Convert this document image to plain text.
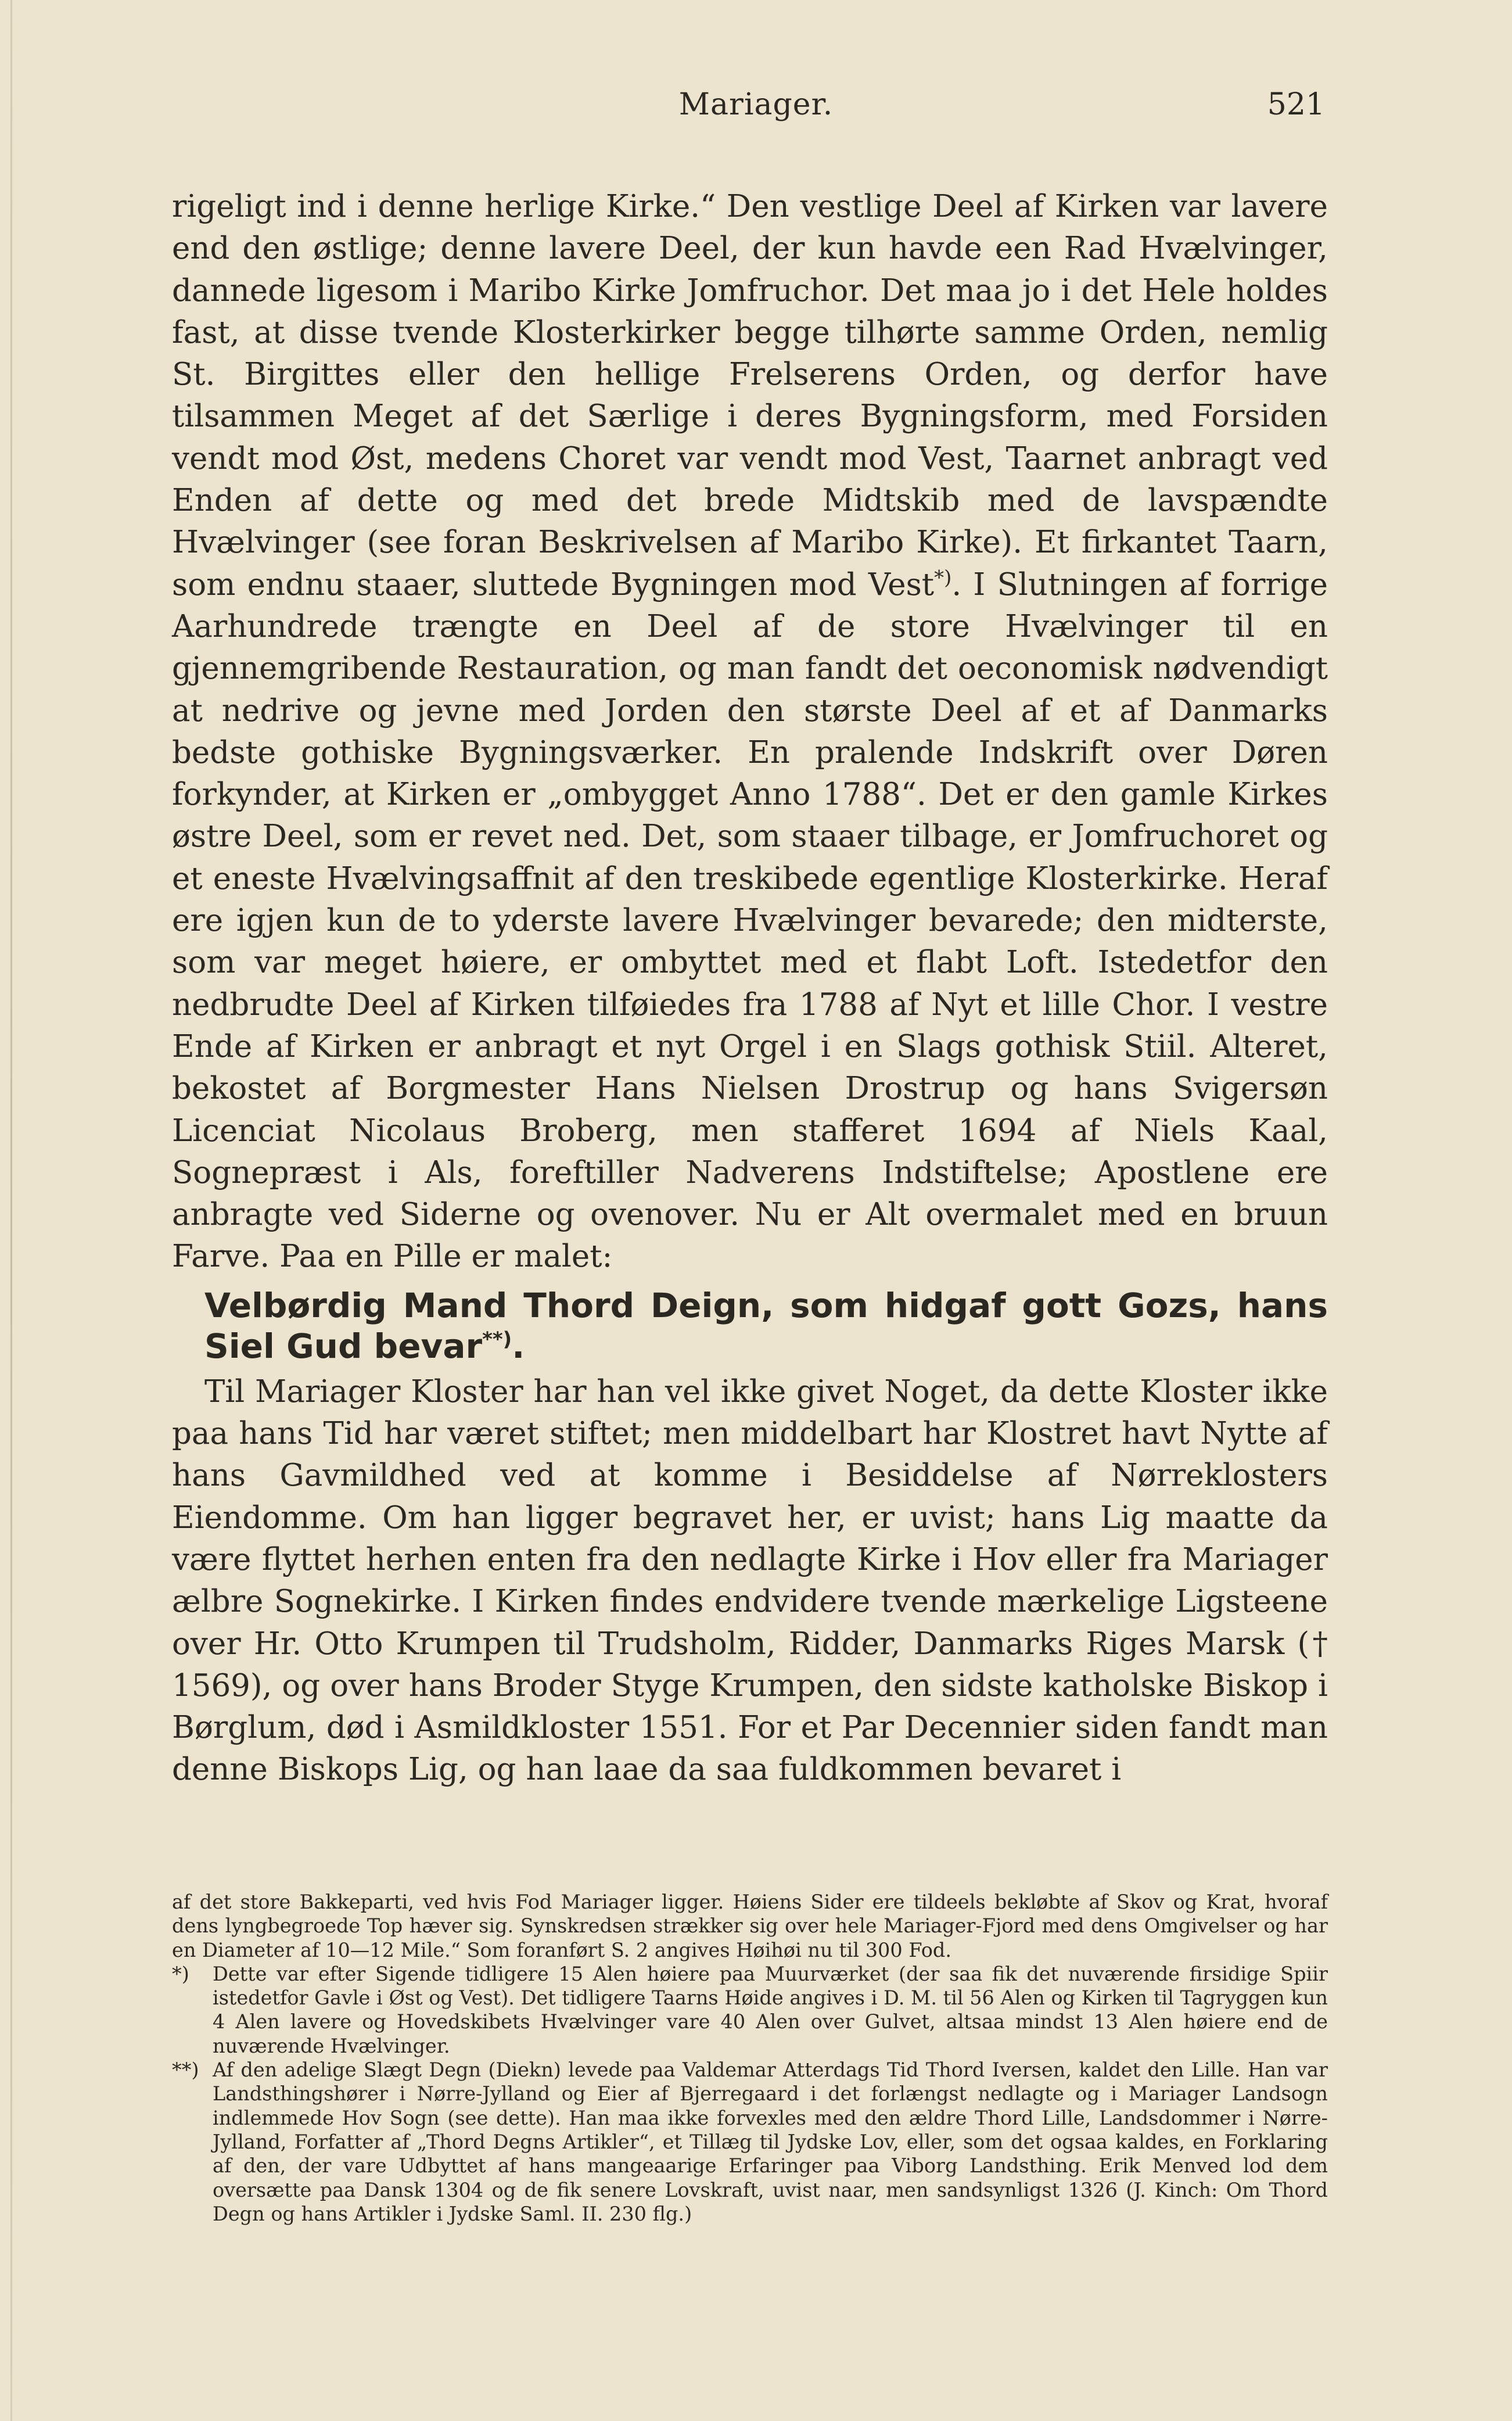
Mariager.	521

rigeligt ind i denne herlige Kirke.“ Den vestlige Deel af Kirken var lavere end den østlige; denne lavere Deel, der kun havde een Rad Hvælvinger, dannede ligesom i Maribo Kirke Jomfruchor. Det maa jo i det Hele holdes fast, at disse tvende Klosterkirker begge tilhørte samme Orden, nemlig St. Birgittes eller den hellige Frelserens Orden, og derfor have tilsammen Meget af det Særlige i deres Bygningsform, med Forsiden vendt mod Øst, medens Choret var vendt mod Vest, Taarnet anbragt ved Enden af dette og med det brede Midtskib med de lavspændte Hvælvinger (see foran Beskrivelsen af Maribo Kirke). Et firkantet Taarn, som endnu staaer, sluttede Bygningen mod Vest*). I Slutningen af forrige Aarhundrede trængte en Deel af de store Hvælvinger til en gjennemgribende Restauration, og man fandt det oeconomisk nødvendigt at nedrive og jevne med Jorden den største Deel af et af Danmarks bedste gothiske Bygningsværker. En pralende Indskrift over Døren forkynder, at Kirken er „ombygget Anno 1788“. Det er den gamle Kirkes østre Deel, som er revet ned. Det, som staaer tilbage, er Jomfruchoret og et eneste Hvælvingsaffnit af den treskibede egentlige Klosterkirke. Heraf ere igjen kun de to yderste lavere Hvælvinger bevarede; den midterste, som var meget høiere, er ombyttet med et flabt Loft. Istedetfor den nedbrudte Deel af Kirken tilføiedes fra 1788 af Nyt et lille Chor. I vestre Ende af Kirken er anbragt et nyt Orgel i en Slags gothisk Stiil. Alteret, bekostet af Borgmester Hans Nielsen Drostrup og hans Svigersøn Licenciat Nicolaus Broberg, men stafferet 1694 af Niels Kaal, Sognepræst i Als, foreftiller Nadverens Indstiftelse; Apostlene ere anbragte ved Siderne og ovenover. Nu er Alt overmalet med en bruun Farve. Paa en Pille er malet:

Velbørdig Mand Thord Deign, som hidgaf gott Gozs, hans Siel Gud bevar**).

Til Mariager Kloster har han vel ikke givet Noget, da dette Kloster ikke paa hans Tid har været stiftet; men middelbart har Klostret havt Nytte af hans Gavmildhed ved at komme i Besiddelse af Nørreklosters Eiendomme. Om han ligger begravet her, er uvist; hans Lig maatte da være flyttet herhen enten fra den nedlagte Kirke i Hov eller fra Mariager ælbre Sognekirke. I Kirken findes endvidere tvende mærkelige Ligsteene over Hr. Otto Krumpen til Trudsholm, Ridder, Danmarks Riges Marsk († 1569), og over hans Broder Styge Krumpen, den sidste katholske Biskop i Børglum, død i Asmildkloster 1551. For et Par Decennier siden fandt man denne Biskops Lig, og han laae da saa fuldkommen bevaret i

af det store Bakkeparti, ved hvis Fod Mariager ligger. Høiens Sider ere tildeels bekløbte af Skov og Krat, hvoraf dens lyngbegroede Top hæver sig. Synskredsen strækker sig over hele Mariager-Fjord med dens Omgivelser og har en Diameter af 10—12 Mile.“ Som foranført S. 2 angives Høihøi nu til 300 Fod.

*)	Dette var efter Sigende tidligere 15 Alen høiere paa Muurværket (der saa fik det nuværende firsidige Spiir istedetfor Gavle i Øst og Vest). Det tidligere Taarns Høide angives i D. M. til 56 Alen og Kirken til Tagryggen kun 4 Alen lavere og Hovedskibets Hvælvinger vare 40 Alen over Gulvet, altsaa mindst 13 Alen høiere end de nuværende Hvælvinger.
**) Af den adelige Slægt Degn (Diekn) levede paa Valdemar Atterdags Tid Thord Iversen, kaldet den Lille. Han var Landsthingshører i Nørre-Jylland og Eier af Bjerregaard i det forlængst nedlagte og i Mariager Landsogn indlemmede Hov Sogn (see dette). Han maa ikke forvexles med den ældre Thord Lille, Landsdommer i Nørre-Jylland, Forfatter af „Thord Degns Artikler“, et Tillæg til Jydske Lov, eller, som det ogsaa kaldes, en Forklaring af den, der vare Udbyttet af hans mangeaarige Erfaringer paa Viborg Landsthing. Erik Menved lod dem oversætte paa Dansk 1304 og de fik senere Lovskraft, uvist naar, men sandsynligst 1326 (J. Kinch: Om Thord Degn og hans Artikler i Jydske Saml. II. 230 flg.)
